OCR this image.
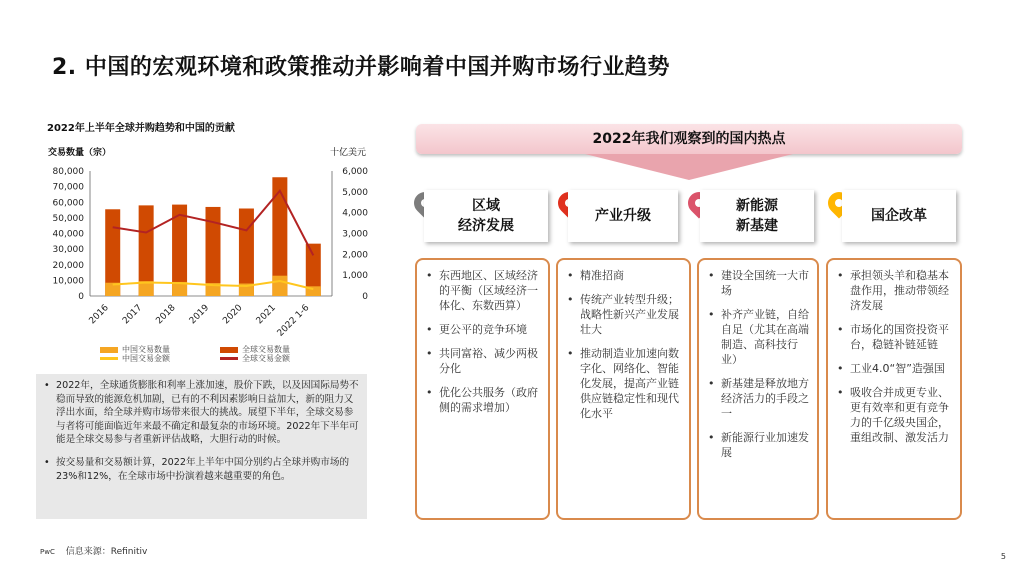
2. 中国的宏观环境和政策推动并影响着中国并购市场行业趋势
2022年上半年全球并购趋势和中国的贡献
交易数量（宗）	十亿美元
0
10,000
20,000
30,000
40,000
50,000
60,000
70,000
80,000
0
1,000
2,000
3,000
4,000
5,000
6,000
2016 2017 2018 2019 2020 2021
2022 1-6
中国交易数量
中国交易金额
全球交易数量
全球交易金额
• 2022年，全球通货膨胀和利率上涨加速，股价下跌，以及因国际局势不稳而导致的能源危机加剧，已有的不利因素影响日益加大，新的阻力又浮出水面，给全球并购市场带来很大的挑战。展望下半年，全球交易参与者将可能面临近年来最不确定和最复杂的市场环境。2022年下半年可能是全球交易参与者重新评估战略，大胆行动的时候。
• 按交易量和交易额计算，2022年上半年中国分别约占全球并购市场的23%和12%，在全球市场中扮演着越来越重要的角色。
PwC 信息来源：Refinitiv	5
2022年我们观察到的国内热点
区域
经济发展
• 东西地区、区域经济的平衡（区域经济一体化、东数西算）
• 更公平的竞争环境
• 共同富裕、减少两极分化
• 优化公共服务（政府侧的需求增加）
产业升级
• 精准招商
• 传统产业转型升级；战略性新兴产业发展壮大
• 推动制造业加速向数字化、网络化、智能化发展，提高产业链供应链稳定性和现代化水平
新能源
新基建
• 建设全国统一大市场
• 补齐产业链，自给自足（尤其在高端制造、高科技行业）
• 新基建是释放地方经济活力的手段之一
• 新能源行业加速发展
国企改革
• 承担领头羊和稳基本盘作用，推动带领经济发展
• 市场化的国资投资平台，稳链补链延链
• 工业4.0“智”造强国
• 吸收合并成更专业、更有效率和更有竞争力的千亿级央国企，重组改制、激发活力
